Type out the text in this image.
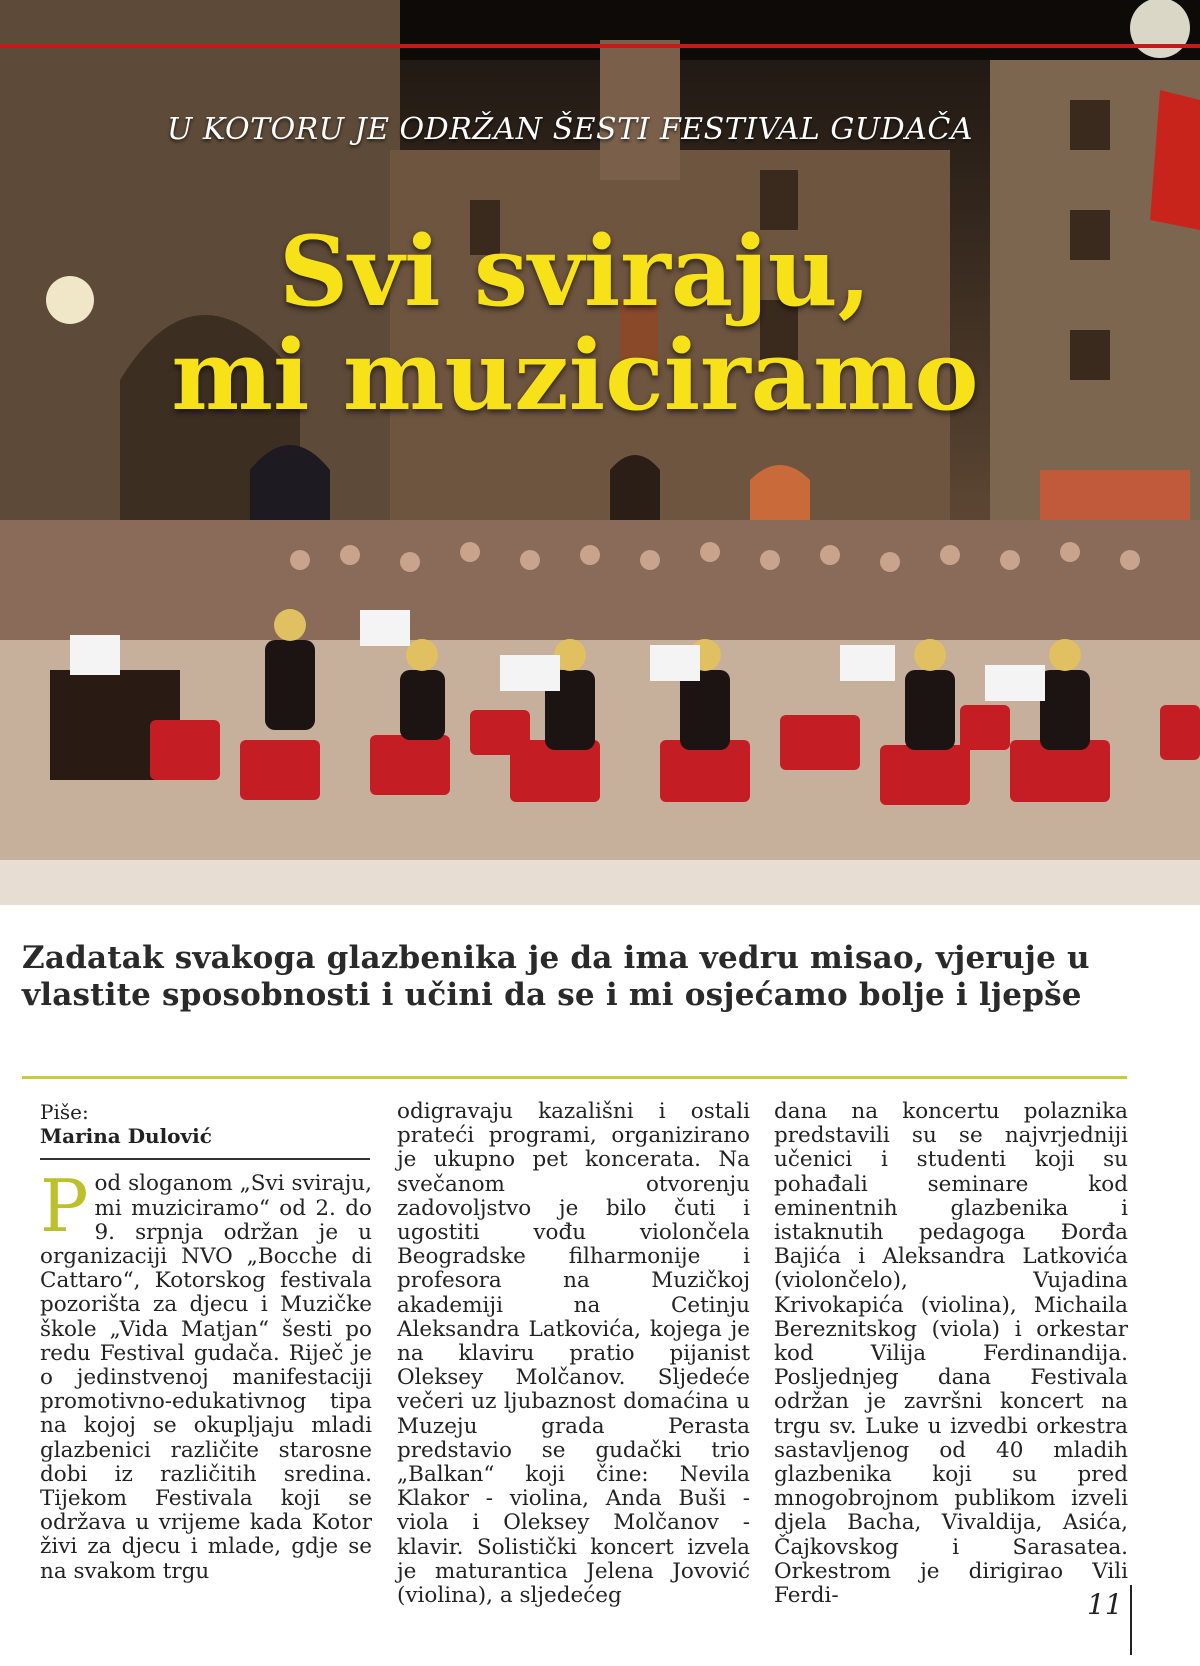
U KOTORU JE ODRŽAN ŠESTI FESTIVAL GUDAČA
Svi sviraju,
mi muziciramo
Zadatak svakoga glazbenika je da ima vedru misao, vjeruje u vlastite sposobnosti i učini da se i mi osjećamo bolje i ljepše
Piše:
Marina Dulović
P od sloganom „Svi sviraju, mi muziciramo“ od 2. do 9. srpnja održan je u organizaciji NVO „Bocche di Cattaro“, Kotorskog festivala pozorišta za djecu i Muzičke škole „Vida Matjan“ šesti po redu Festival gudača. Riječ je o jedinstvenoj manifestaciji promotivno-edukativnog tipa na kojoj se okupljaju mladi glazbenici različite starosne dobi iz različitih sredina. Tijekom Festivala koji se održava u vrijeme kada Kotor živi za djecu i mlade, gdje se na svakom trgu
odigravaju kazališni i ostali prateći programi, organizirano je ukupno pet koncerata. Na svečanom otvorenju zadovoljstvo je bilo čuti i ugostiti vođu violončela Beogradske filharmonije i profesora na Muzičkoj akademiji na Cetinju Aleksandra Latkovića, kojega je na klaviru pratio pijanist Oleksey Molčanov. Sljedeće večeri uz ljubaznost domaćina u Muzeju grada Perasta predstavio se gudački trio „Balkan“ koji čine: Nevila Klakor - violina, Anda Buši - viola i Oleksey Molčanov - klavir. Solistički koncert izvela je maturantica Jelena Jovović (violina), a sljedećeg
dana na koncertu polaznika predstavili su se najvrjedniji učenici i studenti koji su pohađali seminare kod eminentnih glazbenika i istaknutih pedagoga Đorđa Bajića i Aleksandra Latkovića (violončelo), Vujadina Krivokapića (violina), Michaila Bereznitskog (viola) i orkestar kod Vilija Ferdinandija. Posljednjeg dana Festivala održan je završni koncert na trgu sv. Luke u izvedbi orkestra sastavljenog od 40 mladih glazbenika koji su pred mnogobrojnom publikom izveli djela Bacha, Vivaldija, Asića, Čajkovskog i Sarasatea. Orkestrom je dirigirao Vili Ferdi-	11
